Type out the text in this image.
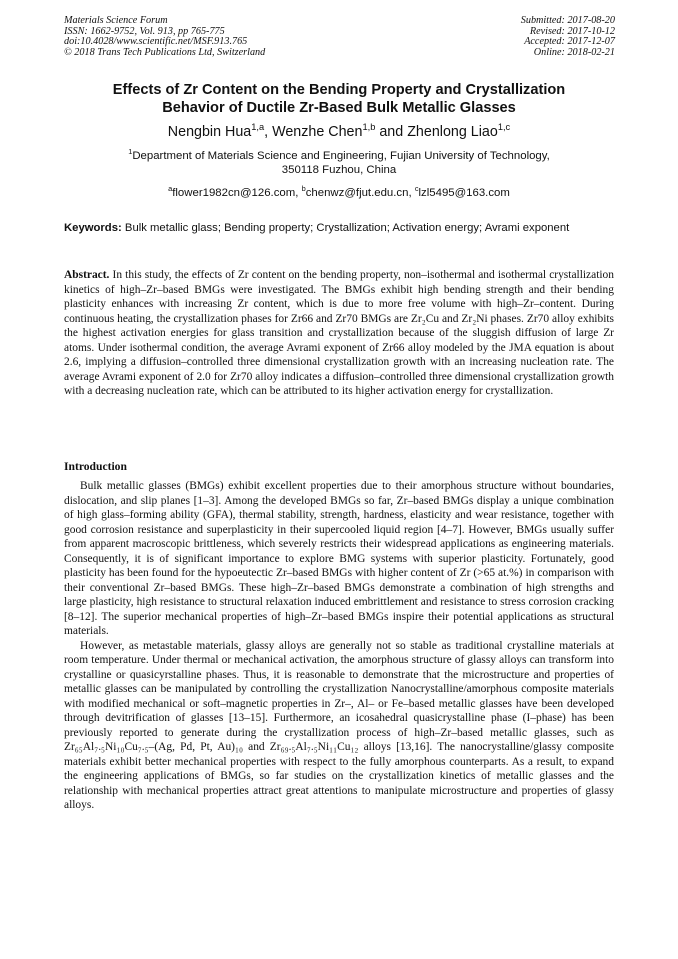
Materials Science Forum
ISSN: 1662-9752, Vol. 913, pp 765-775
doi:10.4028/www.scientific.net/MSF.913.765
© 2018 Trans Tech Publications Ltd, Switzerland
Submitted: 2017-08-20
Revised: 2017-10-12
Accepted: 2017-12-07
Online: 2018-02-21
Effects of Zr Content on the Bending Property and Crystallization
Behavior of Ductile Zr-Based Bulk Metallic Glasses
Nengbin Hua$^{1,a}$, Wenzhe Chen$^{1,b}$ and Zhenlong Liao$^{1,c}$
$^1$Department of Materials Science and Engineering, Fujian University of Technology,
350118 Fuzhou, China
$^a$flower1982cn@126.com, $^b$chenwz@fjut.edu.cn, $^c$lzl5495@163.com
Keywords: Bulk metallic glass; Bending property; Crystallization; Activation energy; Avrami exponent
Abstract. In this study, the effects of Zr content on the bending property, non–isothermal and isothermal crystallization kinetics of high–Zr–based BMGs were investigated. The BMGs exhibit high bending strength and their bending plasticity enhances with increasing Zr content, which is due to more free volume with high–Zr–content. During continuous heating, the crystallization phases for Zr66 and Zr70 BMGs are Zr₂Cu and Zr₂Ni phases. Zr70 alloy exhibits the highest activation energies for glass transition and crystallization because of the sluggish diffusion of large Zr atoms. Under isothermal condition, the average Avrami exponent of Zr66 alloy modeled by the JMA equation is about 2.6, implying a diffusion–controlled three dimensional crystallization growth with an increasing nucleation rate. The average Avrami exponent of 2.0 for Zr70 alloy indicates a diffusion–controlled three dimensional crystallization growth with a decreasing nucleation rate, which can be attributed to its higher activation energy for crystallization.
Introduction

Bulk metallic glasses (BMGs) exhibit excellent properties due to their amorphous structure without boundaries, dislocation, and slip planes [1–3]. Among the developed BMGs so far, Zr–based BMGs display a unique combination of high glass–forming ability (GFA), thermal stability, strength, hardness, elasticity and wear resistance, together with good corrosion resistance and superplasticity in their supercooled liquid region [4–7]. However, BMGs usually suffer from apparent macroscopic brittleness, which severely restricts their widespread applications as engineering materials. Consequently, it is of significant importance to explore BMG systems with superior plasticity. Fortunately, good plasticity has been found for the hypoeutectic Zr–based BMGs with higher content of Zr (>65 at.%) in comparison with their conventional Zr–based BMGs. These high–Zr–based BMGs demonstrate a combination of high strengths and large plasticity, high resistance to structural relaxation induced embrittlement and resistance to stress corrosion cracking [8–12]. The superior mechanical properties of high–Zr–based BMGs inspire their potential applications as structural materials.

However, as metastable materials, glassy alloys are generally not so stable as traditional crystalline materials at room temperature. Under thermal or mechanical activation, the amorphous structure of glassy alloys can transform into crystalline or quasicyrstalline phases. Thus, it is reasonable to demonstrate that the microstructure and properties of metallic glasses can be manipulated by controlling the crystallization Nanocrystalline/amorphous composite materials with modified mechanical or soft–magnetic properties in Zr–, Al– or Fe–based metallic glasses have been developed through devitrification of glasses [13–15]. Furthermore, an icosahedral quasicrystalline phase (I–phase) has been previously reported to generate during the crystallization process of high–Zr–based metallic glasses, such as Zr₆₅Al₇.₅Ni₁₀Cu₇.₅–(Ag, Pd, Pt, Au)₁₀ and Zr₆₉.₅Al₇.₅Ni₁₁Cu₁₂ alloys [13,16]. The nanocrystalline/glassy composite materials exhibit better mechanical properties with respect to the fully amorphous counterparts. As a result, to expand the engineering applications of BMGs, so far studies on the crystallization kinetics of metallic glasses and the relationship with mechanical properties attract great attentions to manipulate microstructure and properties of glassy alloys.
